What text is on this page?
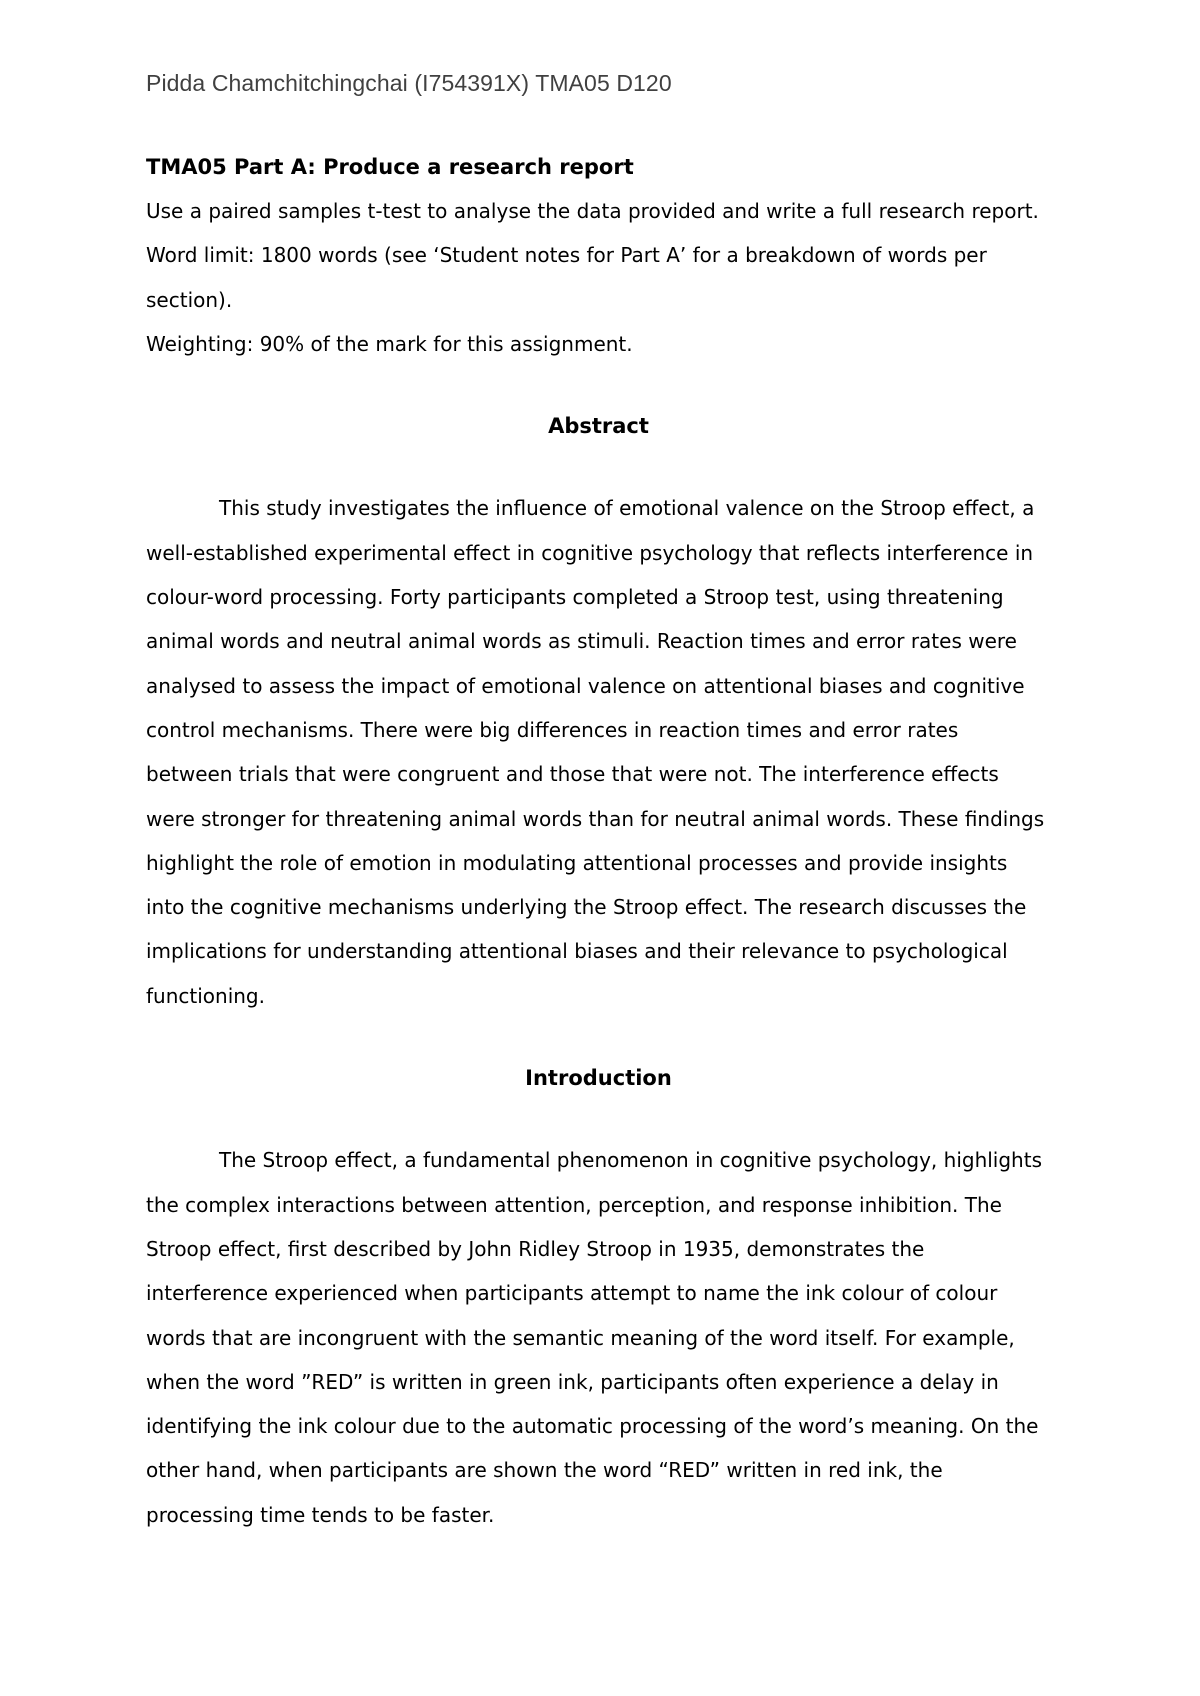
Pidda Chamchitchingchai (I754391X) TMA05 D120

TMA05 Part A: Produce a research report

Use a paired samples t-test to analyse the data provided and write a full research report.

Word limit: 1800 words (see ‘Student notes for Part A’ for a breakdown of words per section).

Weighting: 90% of the mark for this assignment.

Abstract

This study investigates the influence of emotional valence on the Stroop effect, a well-established experimental effect in cognitive psychology that reflects interference in colour-word processing. Forty participants completed a Stroop test, using threatening animal words and neutral animal words as stimuli. Reaction times and error rates were analysed to assess the impact of emotional valence on attentional biases and cognitive control mechanisms. There were big differences in reaction times and error rates between trials that were congruent and those that were not. The interference effects were stronger for threatening animal words than for neutral animal words. These findings highlight the role of emotion in modulating attentional processes and provide insights into the cognitive mechanisms underlying the Stroop effect. The research discusses the implications for understanding attentional biases and their relevance to psychological functioning.

Introduction

The Stroop effect, a fundamental phenomenon in cognitive psychology, highlights the complex interactions between attention, perception, and response inhibition. The Stroop effect, first described by John Ridley Stroop in 1935, demonstrates the interference experienced when participants attempt to name the ink colour of colour words that are incongruent with the semantic meaning of the word itself. For example, when the word ”RED” is written in green ink, participants often experience a delay in identifying the ink colour due to the automatic processing of the word’s meaning. On the other hand, when participants are shown the word “RED” written in red ink, the processing time tends to be faster.
